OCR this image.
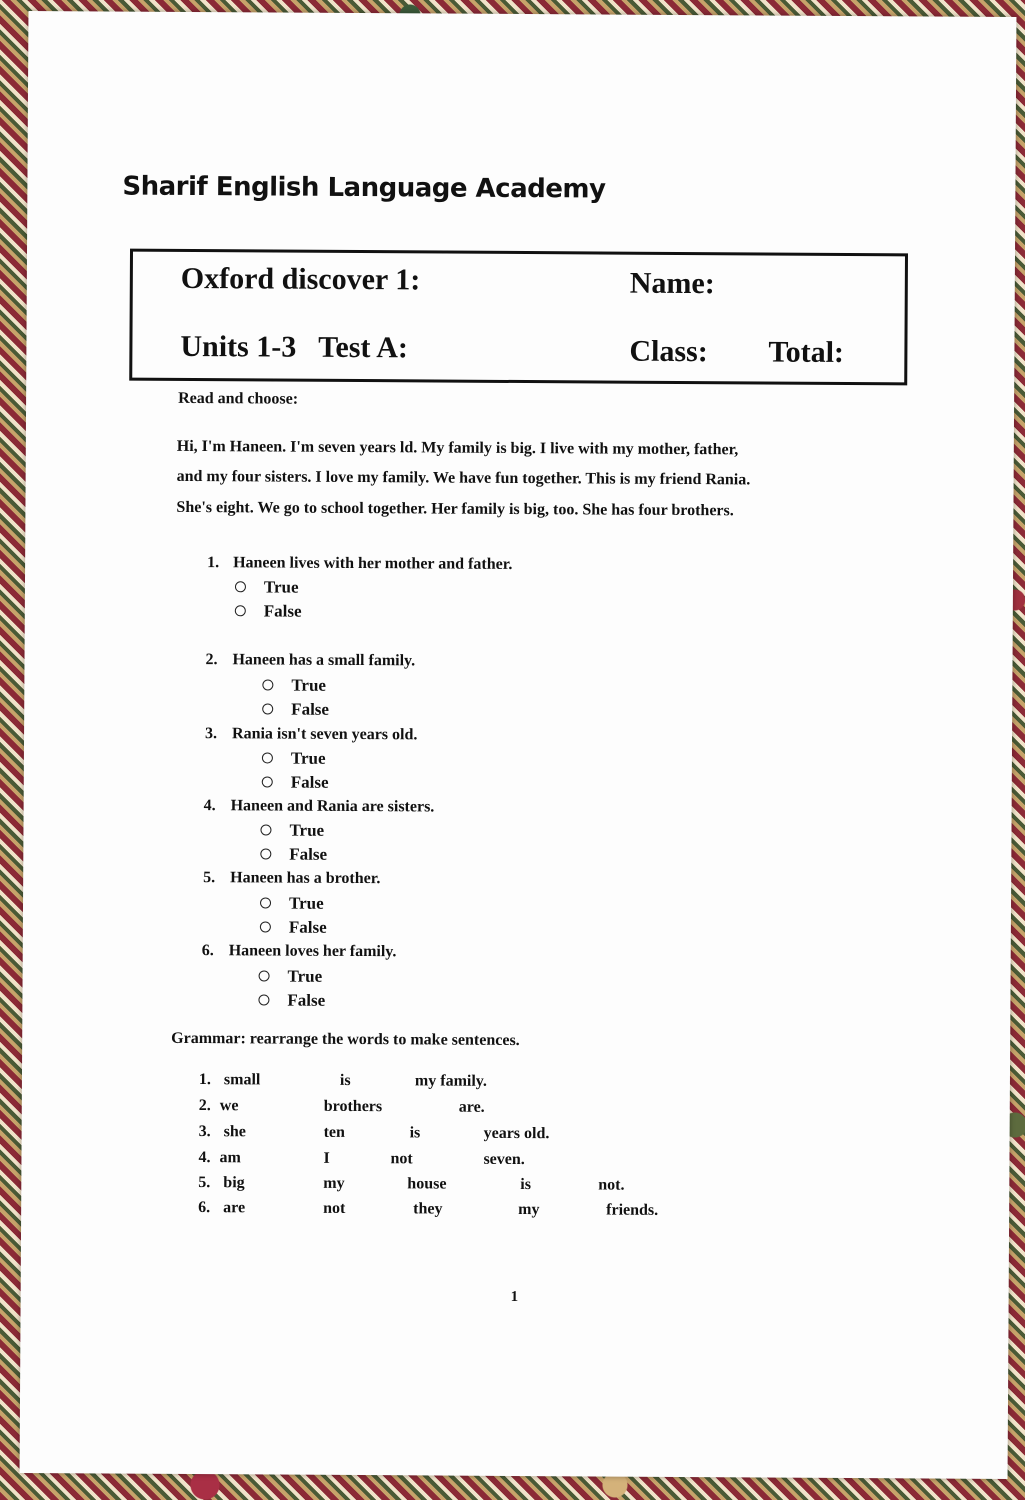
Sharif English Language Academy
Oxford discover 1:
Units 1-3   Test A:
Name:
Class: Total:
Read and choose:
Hi, I'm Haneen. I'm seven years ld. My family is big. I live with my mother, father,
and my four sisters. I love my family. We have fun together. This is my friend Rania.
She's eight. We go to school together. Her family is big, too. She has four brothers.
1. Haneen lives with her mother and father.
True
False
2. Haneen has a small family.
True
False
3. Rania isn't seven years old.
True
False
4. Haneen and Rania are sisters.
True
False
5. Haneen has a brother.
True
False
6. Haneen loves her family.
True
False
Grammar: rearrange the words to make sentences.
1. small	is	my family.
2. we	brothers	are.
3. she	ten	is	years old.
4. am	I	not	seven.
5. big	my	house	is	not.
6. are	not	they	my	friends.
1
